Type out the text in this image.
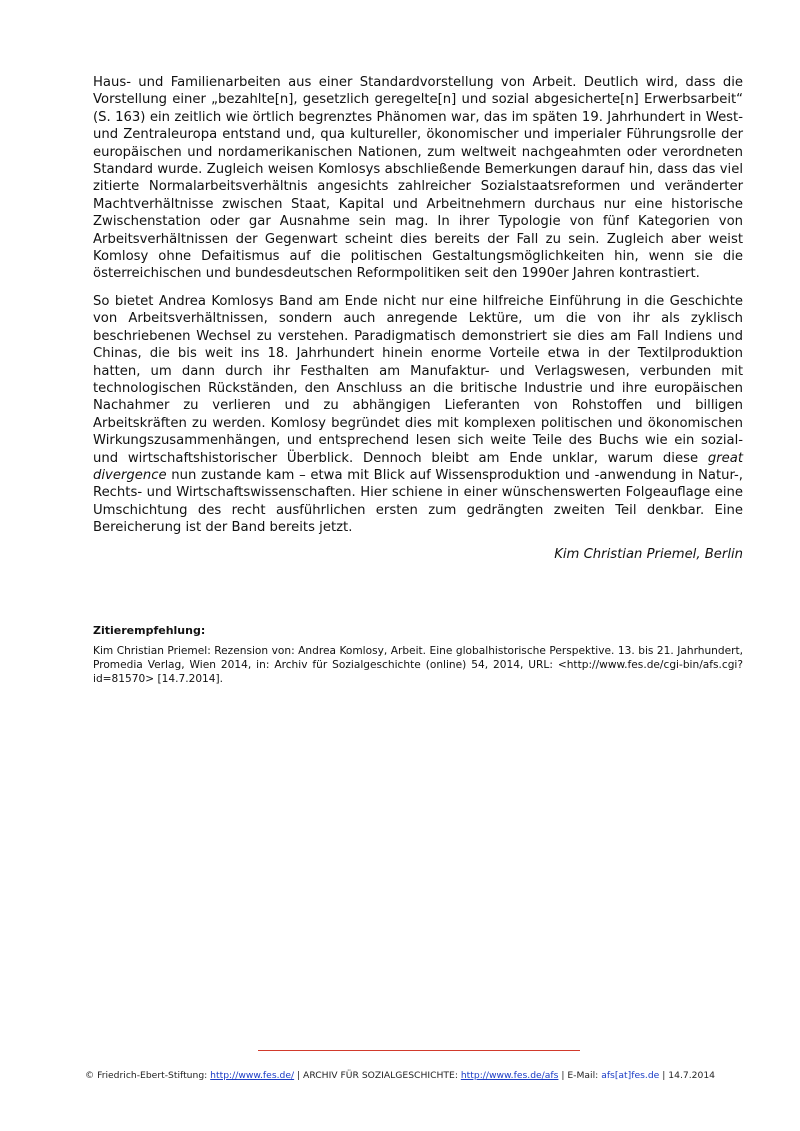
Haus- und Familienarbeiten aus einer Standardvorstellung von Arbeit. Deutlich wird, dass die Vorstellung einer „bezahlte[n], gesetzlich geregelte[n] und sozial abgesicherte[n] Erwerbsarbeit“ (S. 163) ein zeitlich wie örtlich begrenztes Phänomen war, das im späten 19. Jahrhundert in West- und Zentraleuropa entstand und, qua kultureller, ökonomischer und imperialer Führungsrolle der europäischen und nordamerikanischen Nationen, zum weltweit nachgeahmten oder verordneten Standard wurde. Zugleich weisen Komlosys abschließende Bemerkungen darauf hin, dass das viel zitierte Normalarbeitsverhältnis angesichts zahlreicher Sozialstaatsreformen und veränderter Machtverhältnisse zwischen Staat, Kapital und Arbeitnehmern durchaus nur eine historische Zwischenstation oder gar Ausnahme sein mag. In ihrer Typologie von fünf Kategorien von Arbeitsverhältnissen der Gegenwart scheint dies bereits der Fall zu sein. Zugleich aber weist Komlosy ohne Defaitismus auf die politischen Gestaltungsmöglichkeiten hin, wenn sie die österreichischen und bundesdeutschen Reformpolitiken seit den 1990er Jahren kontrastiert.

So bietet Andrea Komlosys Band am Ende nicht nur eine hilfreiche Einführung in die Geschichte von Arbeitsverhältnissen, sondern auch anregende Lektüre, um die von ihr als zyklisch beschriebenen Wechsel zu verstehen. Paradigmatisch demonstriert sie dies am Fall Indiens und Chinas, die bis weit ins 18. Jahrhundert hinein enorme Vorteile etwa in der Textilproduktion hatten, um dann durch ihr Festhalten am Manufaktur- und Verlagswesen, verbunden mit technologischen Rückständen, den Anschluss an die britische Industrie und ihre europäischen Nachahmer zu verlieren und zu abhängigen Lieferanten von Rohstoffen und billigen Arbeitskräften zu werden. Komlosy begründet dies mit komplexen politischen und ökonomischen Wirkungszusammenhängen, und entsprechend lesen sich weite Teile des Buchs wie ein sozial- und wirtschaftshistorischer Überblick. Dennoch bleibt am Ende unklar, warum diese great divergence nun zustande kam – etwa mit Blick auf Wissensproduktion und -anwendung in Natur-, Rechts- und Wirtschaftswissenschaften. Hier schiene in einer wünschenswerten Folgeauflage eine Umschichtung des recht ausführlichen ersten zum gedrängten zweiten Teil denkbar. Eine Bereicherung ist der Band bereits jetzt.

Kim Christian Priemel, Berlin
Zitierempfehlung:
Kim Christian Priemel: Rezension von: Andrea Komlosy, Arbeit. Eine globalhistorische Perspektive. 13. bis 21. Jahrhundert, Promedia Verlag, Wien 2014, in: Archiv für Sozialgeschichte (online) 54, 2014, URL: <http://www.fes.de/cgi-bin/afs.cgi?id=81570> [14.7.2014].
© Friedrich-Ebert-Stiftung: http://www.fes.de/ | ARCHIV FÜR SOZIALGESCHICHTE: http://www.fes.de/afs | E-Mail: afs[at]fes.de | 14.7.2014
